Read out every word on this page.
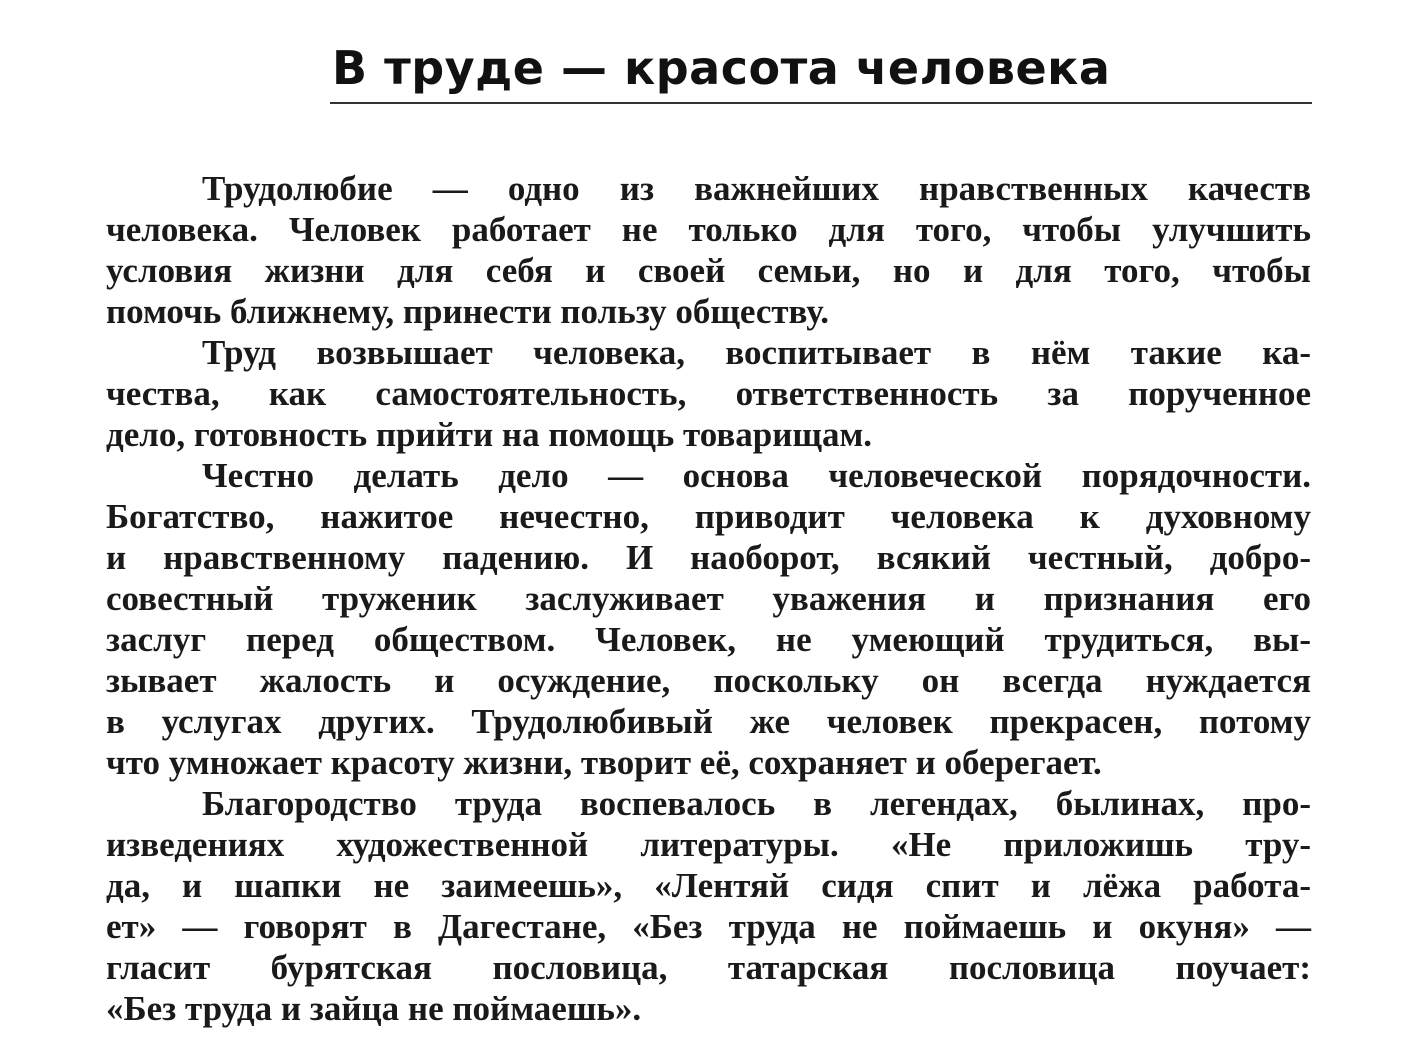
В труде — красота человека
Трудолюбие — одно из важнейших нравственных качеств
человека. Человек работает не только для того, чтобы улучшить
условия жизни для себя и своей семьи, но и для того, чтобы
помочь ближнему, принести пользу обществу.
Труд возвышает человека, воспитывает в нём такие ка-
чества, как самостоятельность, ответственность за порученное
дело, готовность прийти на помощь товарищам.
Честно делать дело — основа человеческой порядочности.
Богатство, нажитое нечестно, приводит человека к духовному
и нравственному падению. И наоборот, всякий честный, добро-
совестный труженик заслуживает уважения и признания его
заслуг перед обществом. Человек, не умеющий трудиться, вы-
зывает жалость и осуждение, поскольку он всегда нуждается
в услугах других. Трудолюбивый же человек прекрасен, потому
что умножает красоту жизни, творит её, сохраняет и оберегает.
Благородство труда воспевалось в легендах, былинах, про-
изведениях художественной литературы. «Не приложишь тру-
да, и шапки не заимеешь», «Лентяй сидя спит и лёжа работа-
ет» — говорят в Дагестане, «Без труда не поймаешь и окуня» —
гласит бурятская пословица, татарская пословица поучает:
«Без труда и зайца не поймаешь».
